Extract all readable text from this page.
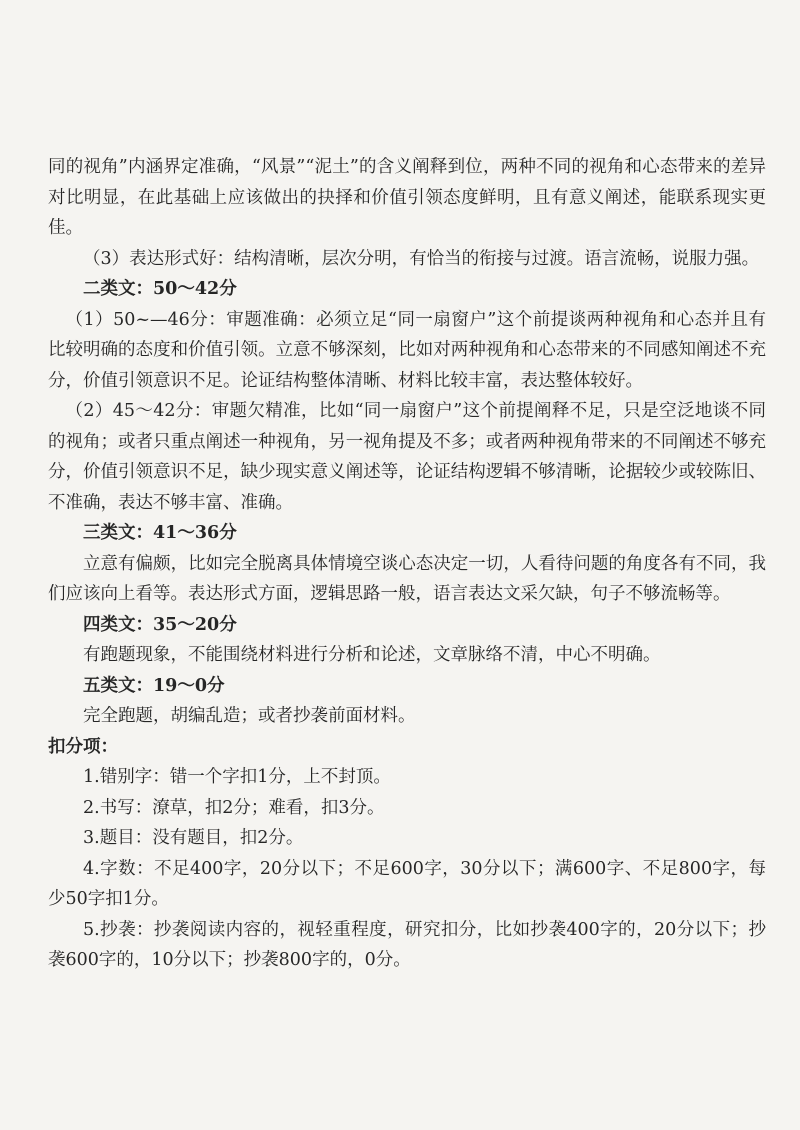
同的视角”内涵界定准确，“风景”“泥土”的含义阐释到位，两种不同的视角和心态带来的差异对比明显，在此基础上应该做出的抉择和价值引领态度鲜明，且有意义阐述，能联系现实更佳。

（3）表达形式好：结构清晰，层次分明，有恰当的衔接与过渡。语言流畅，说服力强。

二类文：50～42分

（1）50~—46分：审题准确：必须立足“同一扇窗户”这个前提谈两种视角和心态并且有比较明确的态度和价值引领。立意不够深刻，比如对两种视角和心态带来的不同感知阐述不充分，价值引领意识不足。论证结构整体清晰、材料比较丰富，表达整体较好。

（2）45～42分：审题欠精准，比如“同一扇窗户”这个前提阐释不足，只是空泛地谈不同的视角；或者只重点阐述一种视角，另一视角提及不多；或者两种视角带来的不同阐述不够充分，价值引领意识不足，缺少现实意义阐述等，论证结构逻辑不够清晰，论据较少或较陈旧、不准确，表达不够丰富、准确。

三类文：41～36分

立意有偏颇，比如完全脱离具体情境空谈心态决定一切，人看待问题的角度各有不同，我们应该向上看等。表达形式方面，逻辑思路一般，语言表达文采欠缺，句子不够流畅等。

四类文：35～20分

有跑题现象，不能围绕材料进行分析和论述，文章脉络不清，中心不明确。

五类文：19～0分

完全跑题，胡编乱造；或者抄袭前面材料。

扣分项：

1.错别字：错一个字扣1分，上不封顶。

2.书写：潦草，扣2分；难看，扣3分。

3.题目：没有题目，扣2分。

4.字数：不足400字，20分以下；不足600字，30分以下；满600字、不足800字，每少50字扣1分。

5.抄袭：抄袭阅读内容的，视轻重程度，研究扣分，比如抄袭400字的，20分以下；抄袭600字的，10分以下；抄袭800字的，0分。
